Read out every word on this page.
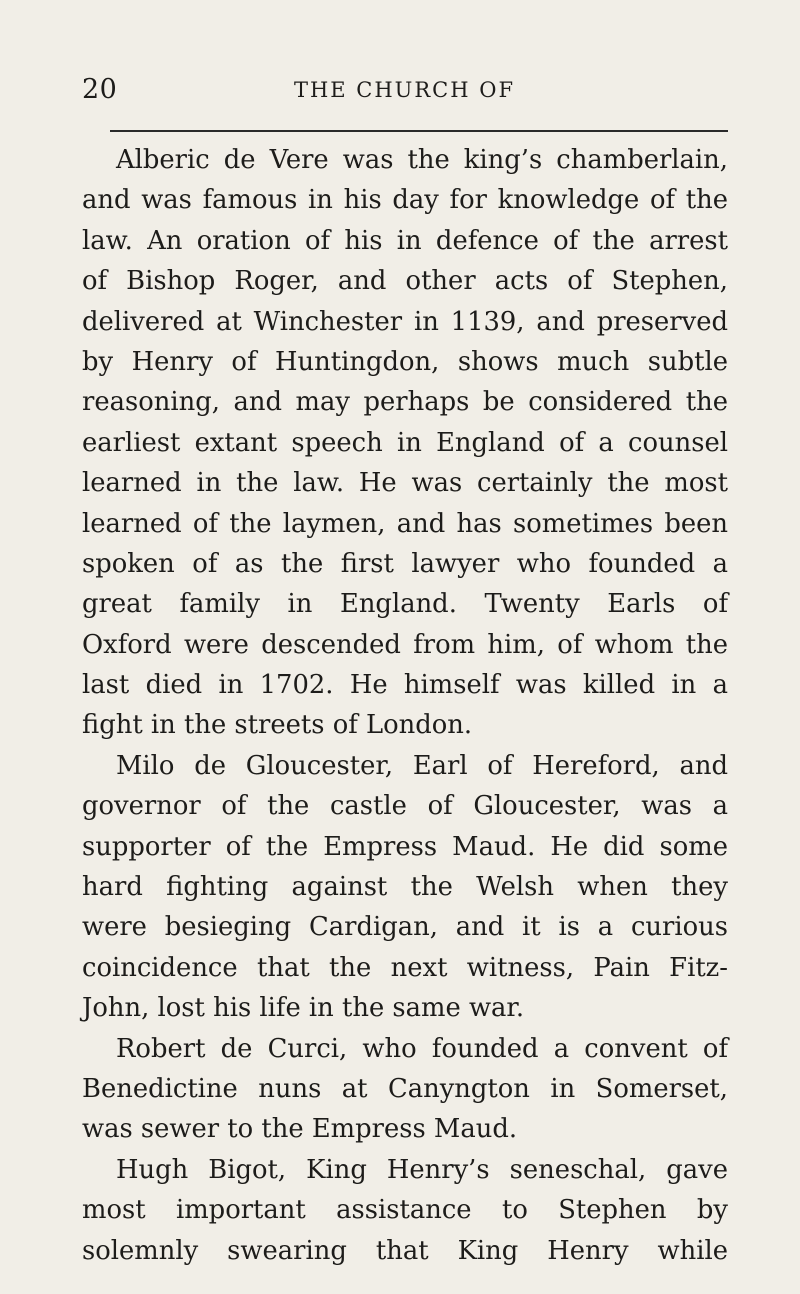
20	THE CHURCH OF
Alberic de Vere was the king’s chamberlain,
and was famous in his day for knowledge of the
law. An oration of his in defence of the arrest
of Bishop Roger, and other acts of Stephen,
delivered at Winchester in 1139, and preserved
by Henry of Huntingdon, shows much subtle
reasoning, and may perhaps be considered the
earliest extant speech in England of a counsel
learned in the law. He was certainly the most
learned of the laymen, and has sometimes been
spoken of as the first lawyer who founded a
great family in England. Twenty Earls of
Oxford were descended from him, of whom the
last died in 1702. He himself was killed in a
fight in the streets of London.
Milo de Gloucester, Earl of Hereford, and
governor of the castle of Gloucester, was a
supporter of the Empress Maud. He did some
hard fighting against the Welsh when they
were besieging Cardigan, and it is a curious
coincidence that the next witness, Pain Fitz-
John, lost his life in the same war.
Robert de Curci, who founded a convent of
Benedictine nuns at Canyngton in Somerset,
was sewer to the Empress Maud.
Hugh Bigot, King Henry’s seneschal, gave
most important assistance to Stephen by
solemnly swearing that King Henry while
